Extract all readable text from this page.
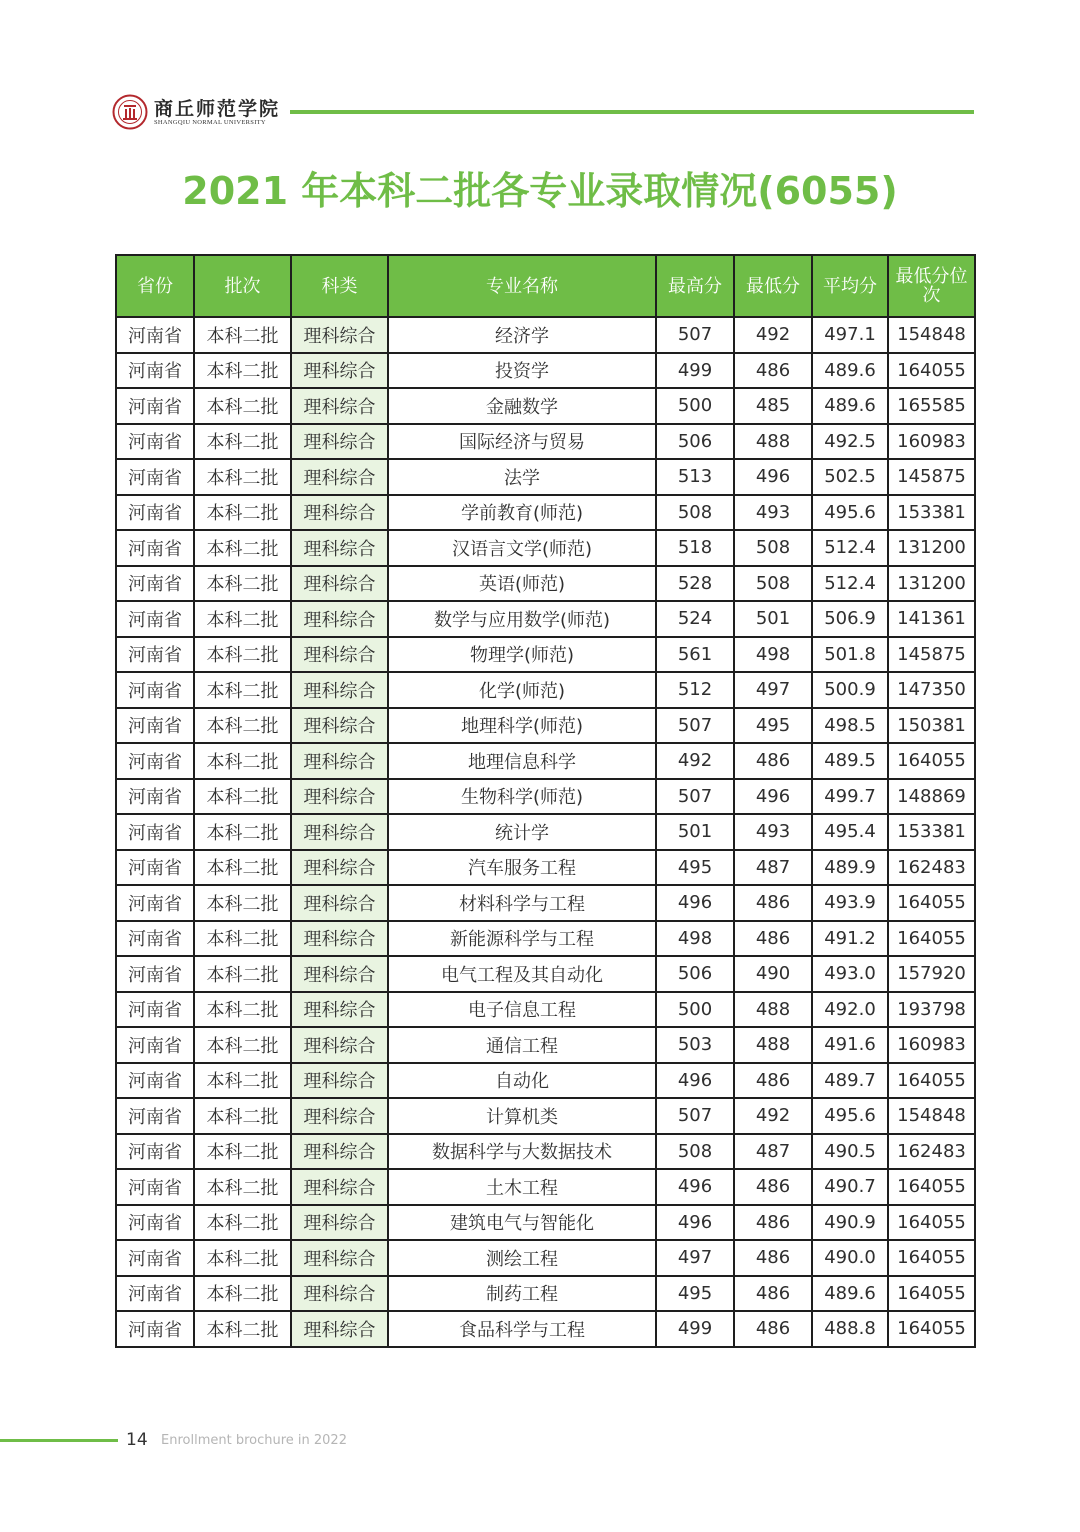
商丘师范学院
SHANGQIU NORMAL UNIVERSITY
2021 年本科二批各专业录取情况(6055)
省份	批次	科类	专业名称	最高分	最低分	平均分	最低分位次
河南省	本科二批	理科综合	经济学	507	492	497.1	154848
河南省	本科二批	理科综合	投资学	499	486	489.6	164055
河南省	本科二批	理科综合	金融数学	500	485	489.6	165585
河南省	本科二批	理科综合	国际经济与贸易	506	488	492.5	160983
河南省	本科二批	理科综合	法学	513	496	502.5	145875
河南省	本科二批	理科综合	学前教育(师范)	508	493	495.6	153381
河南省	本科二批	理科综合	汉语言文学(师范)	518	508	512.4	131200
河南省	本科二批	理科综合	英语(师范)	528	508	512.4	131200
河南省	本科二批	理科综合	数学与应用数学(师范)	524	501	506.9	141361
河南省	本科二批	理科综合	物理学(师范)	561	498	501.8	145875
河南省	本科二批	理科综合	化学(师范)	512	497	500.9	147350
河南省	本科二批	理科综合	地理科学(师范)	507	495	498.5	150381
河南省	本科二批	理科综合	地理信息科学	492	486	489.5	164055
河南省	本科二批	理科综合	生物科学(师范)	507	496	499.7	148869
河南省	本科二批	理科综合	统计学	501	493	495.4	153381
河南省	本科二批	理科综合	汽车服务工程	495	487	489.9	162483
河南省	本科二批	理科综合	材料科学与工程	496	486	493.9	164055
河南省	本科二批	理科综合	新能源科学与工程	498	486	491.2	164055
河南省	本科二批	理科综合	电气工程及其自动化	506	490	493.0	157920
河南省	本科二批	理科综合	电子信息工程	500	488	492.0	193798
河南省	本科二批	理科综合	通信工程	503	488	491.6	160983
河南省	本科二批	理科综合	自动化	496	486	489.7	164055
河南省	本科二批	理科综合	计算机类	507	492	495.6	154848
河南省	本科二批	理科综合	数据科学与大数据技术	508	487	490.5	162483
河南省	本科二批	理科综合	土木工程	496	486	490.7	164055
河南省	本科二批	理科综合	建筑电气与智能化	496	486	490.9	164055
河南省	本科二批	理科综合	测绘工程	497	486	490.0	164055
河南省	本科二批	理科综合	制药工程	495	486	489.6	164055
河南省	本科二批	理科综合	食品科学与工程	499	486	488.8	164055
14 Enrollment brochure in 2022
